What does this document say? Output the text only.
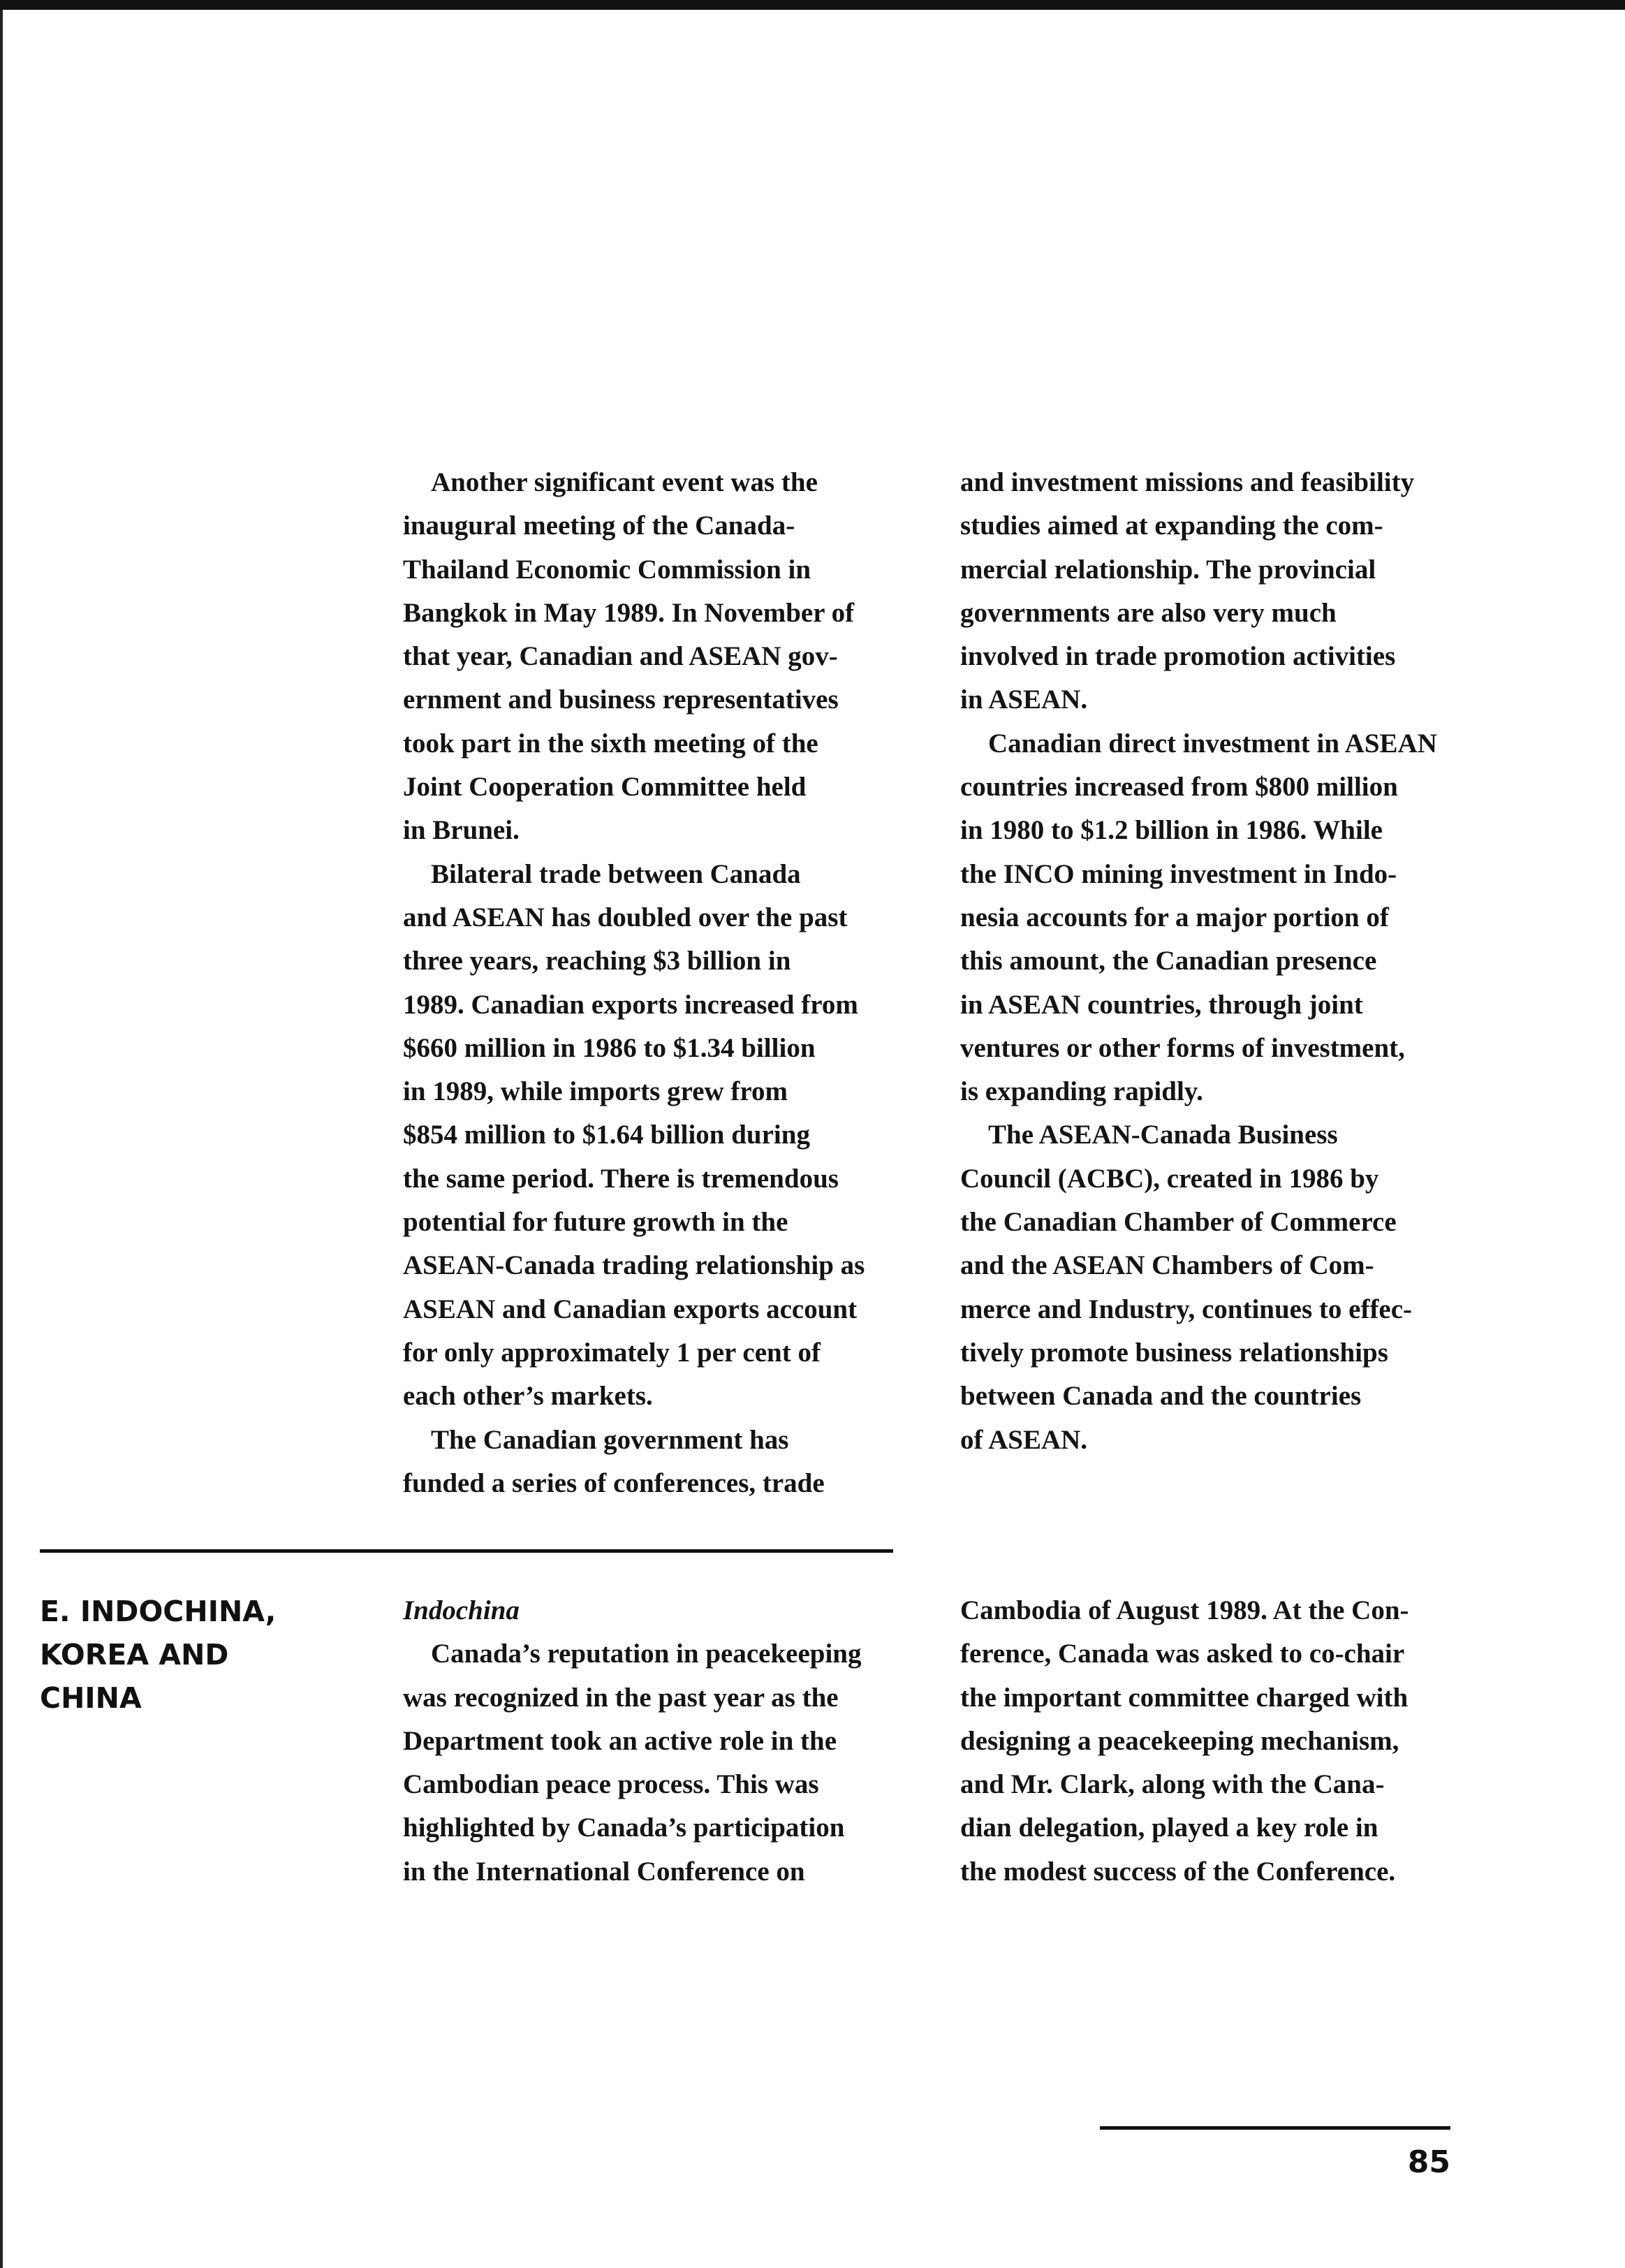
Another significant event was the

inaugural meeting of the Canada-

Thailand Economic Commission in

Bangkok in May 1989. In November of

that year, Canadian and ASEAN gov-

ernment and business representatives

took part in the sixth meeting of the

Joint Cooperation Committee held

in Brunei.

Bilateral trade between Canada

and ASEAN has doubled over the past

three years, reaching $3 billion in

1989. Canadian exports increased from

$660 million in 1986 to $1.34 billion

in 1989, while imports grew from

$854 million to $1.64 billion during

the same period. There is tremendous

potential for future growth in the

ASEAN-Canada trading relationship as

ASEAN and Canadian exports account

for only approximately 1 per cent of

each other’s markets.

The Canadian government has

funded a series of conferences, trade

and investment missions and feasibility

studies aimed at expanding the com-

mercial relationship. The provincial

governments are also very much

involved in trade promotion activities

in ASEAN.

Canadian direct investment in ASEAN

countries increased from $800 million

in 1980 to $1.2 billion in 1986. While

the INCO mining investment in Indo-

nesia accounts for a major portion of

this amount, the Canadian presence

in ASEAN countries, through joint

ventures or other forms of investment,

is expanding rapidly.

The ASEAN-Canada Business

Council (ACBC), created in 1986 by

the Canadian Chamber of Commerce

and the ASEAN Chambers of Com-

merce and Industry, continues to effec-

tively promote business relationships

between Canada and the countries

of ASEAN.

E. INDOCHINA,
KOREA AND
CHINA

Indochina

Canada’s reputation in peacekeeping

was recognized in the past year as the

Department took an active role in the

Cambodian peace process. This was

highlighted by Canada’s participation

in the International Conference on

Cambodia of August 1989. At the Con-

ference, Canada was asked to co-chair

the important committee charged with

designing a peacekeeping mechanism,

and Mr. Clark, along with the Cana-

dian delegation, played a key role in

the modest success of the Conference.

85
